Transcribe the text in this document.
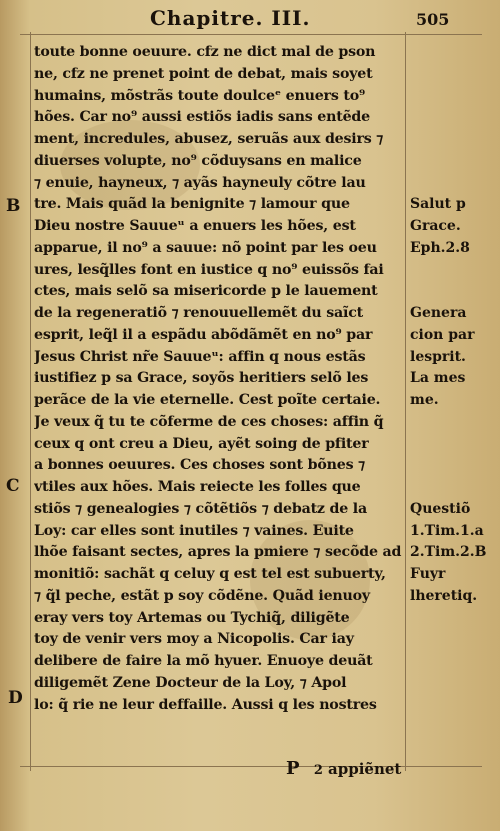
Chapitre. III.	505
B
C
D
toute bonne oeuure. cfz ne dict mal de pson
ne, cfz ne prenet point de debat, mais soyet
humains, mõstrãs toute doulceᵉ enuers to⁹
hões. Car no⁹ aussi estiõs iadis sans entẽde
ment, incredules, abusez, seruãs aux desirs ⁊
diuerses volupte, no⁹ cõduysans en malice
⁊ enuie, hayneux, ⁊ ayãs hayneuly cõtre lau
tre. Mais quãd la benignite ⁊ lamour que
Dieu nostre Sauueᵘ a enuers les hões, est
apparue, il no⁹ a sauue: nõ point par les oeu
ures, lesq̃lles font en iustice q no⁹ euissõs fai
ctes, mais selõ sa misericorde p le lauement
de la regeneratiõ ⁊ renouuellemẽt du saĩct
esprit, leq̃l il a espãdu abõdãmẽt en no⁹ par
Jesus Christ nr̃e Sauueᵘ: affin q nous estãs
iustifiez p sa Grace, soyõs heritiers selõ les
perãce de la vie eternelle. Cest poĩte certaie.
Je veux q̃ tu te cõferme de ces choses: affin q̃
ceux q ont creu a Dieu, ayẽt soing de pfiter
a bonnes oeuures. Ces choses sont bõnes ⁊
vtiles aux hões. Mais reiecte les folles que
stiõs ⁊ genealogies ⁊ cõtẽtiõs ⁊ debatz de la
Loy: car elles sont inutiles ⁊ vaines. Euite
lhõe faisant sectes, apres la pmiere ⁊ secõde ad
monitiõ: sachãt q celuy q est tel est subuerty,
⁊ q̃l peche, estãt p soy cõdẽne. Quãd ienuoy
eray vers toy Artemas ou Tychiq̃, diligẽte
toy de venir vers moy a Nicopolis. Car iay
delibere de faire la mõ hyuer. Enuoye deuãt
diligemẽt Zene Docteur de la Loy, ⁊ Apol
lo: q̃ rie ne leur deffaille. Aussi q les nostres
Salut p
Grace.
Eph.2.8
Genera
cion par
lesprit.
La mes
me.
Questiõ
1.Tim.1.a
2.Tim.2.B
Fuyr
lheretiq.
P 2 appiẽnet
